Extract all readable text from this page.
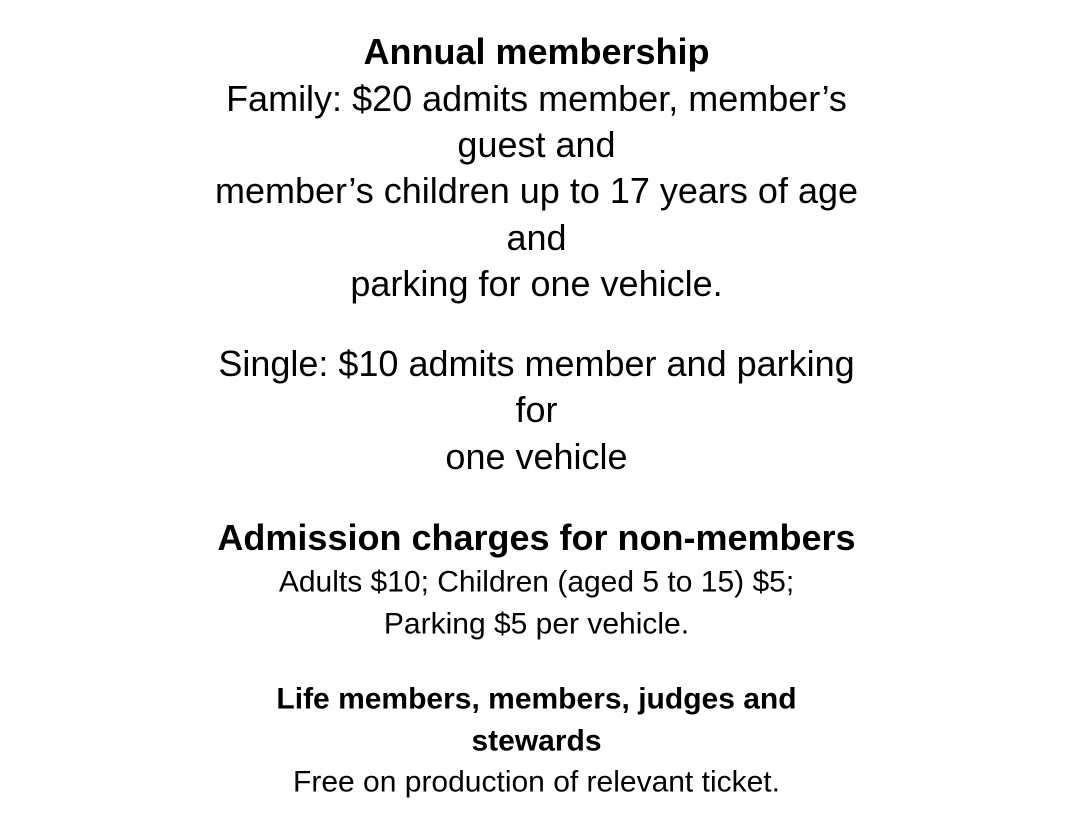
Annual membership

Family: $20 admits member, member’s

guest and

member’s children up to 17 years of age

and

parking for one vehicle.

Single: $10 admits member and parking

for

one vehicle

Admission charges for non-members

Adults $10; Children (aged 5 to 15) $5;

Parking $5 per vehicle.

Life members, members, judges and
stewards

Free on production of relevant ticket.
